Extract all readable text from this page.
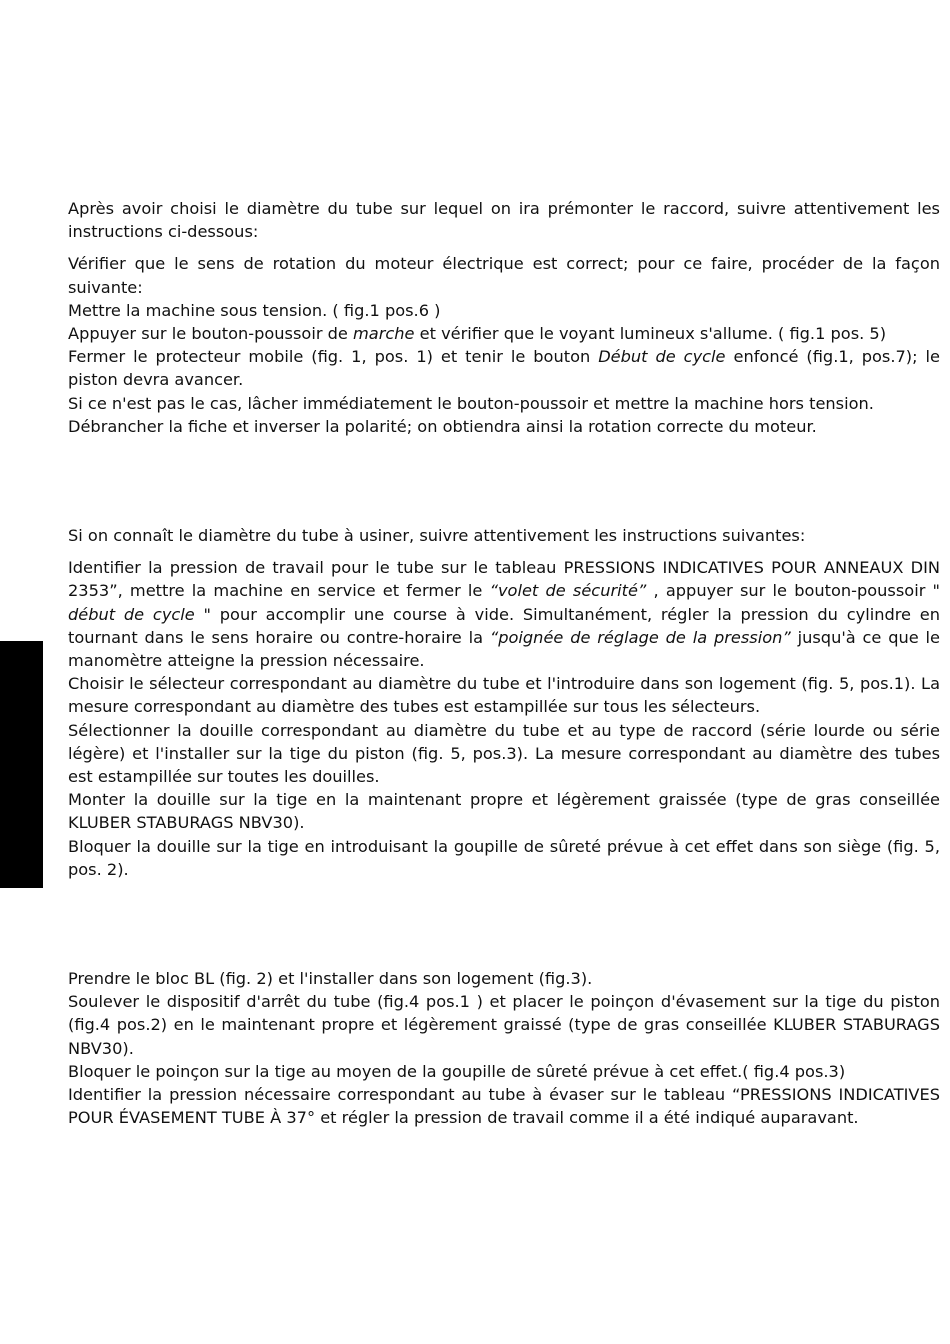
Après avoir choisi le diamètre du tube sur lequel on ira prémonter le raccord, suivre attentivement les instructions ci-dessous:

Vérifier que le sens de rotation du moteur électrique est correct; pour ce faire, procéder de la façon suivante:

Mettre la machine sous tension. ( fig.1 pos.6 )

Appuyer sur le bouton-poussoir de marche et vérifier que le voyant lumineux s'allume. ( fig.1 pos. 5)

Fermer le protecteur mobile (fig. 1, pos. 1) et tenir le bouton Début de cycle enfoncé (fig.1, pos.7); le piston devra avancer.

Si ce n'est pas le cas, lâcher immédiatement le bouton-poussoir et mettre la machine hors tension.

Débrancher la fiche et inverser la polarité; on obtiendra ainsi la rotation correcte du moteur.

Si on connaît le diamètre du tube à usiner, suivre attentivement les instructions suivantes:

Identifier la pression de travail pour le tube sur le tableau PRESSIONS INDICATIVES POUR ANNEAUX DIN 2353”, mettre la machine en service et fermer le “volet de sécurité” , appuyer sur le bouton-poussoir " début de cycle " pour accomplir une course à vide. Simultanément, régler la pression du cylindre en tournant dans le sens horaire ou contre-horaire la “poignée de réglage de la pression” jusqu'à ce que le manomètre atteigne la pression nécessaire.

Choisir le sélecteur correspondant au diamètre du tube et l'introduire dans son logement (fig. 5, pos.1). La mesure correspondant au diamètre des tubes est estampillée sur tous les sélecteurs.

Sélectionner la douille correspondant au diamètre du tube et au type de raccord (série lourde ou série légère) et l'installer sur la tige du piston (fig. 5, pos.3). La mesure correspondant au diamètre des tubes est estampillée sur toutes les douilles.

Monter la douille sur la tige en la maintenant propre et légèrement graissée (type de gras conseillée KLUBER STABURAGS NBV30).

Bloquer la douille sur la tige en introduisant la goupille de sûreté prévue à cet effet dans son siège (fig. 5, pos. 2).

Prendre le bloc BL (fig. 2) et l'installer dans son logement (fig.3).

Soulever le dispositif d'arrêt du tube (fig.4 pos.1 ) et placer le poinçon d'évasement sur la tige du piston (fig.4 pos.2) en le maintenant propre et légèrement graissé (type de gras conseillée KLUBER STABURAGS NBV30).

Bloquer le poinçon sur la tige au moyen de la goupille de sûreté prévue à cet effet.( fig.4 pos.3)

Identifier la pression nécessaire correspondant au tube à évaser sur le tableau “PRESSIONS INDICATIVES POUR ÉVASEMENT TUBE À 37° et régler la pression de travail comme il a été indiqué auparavant.
